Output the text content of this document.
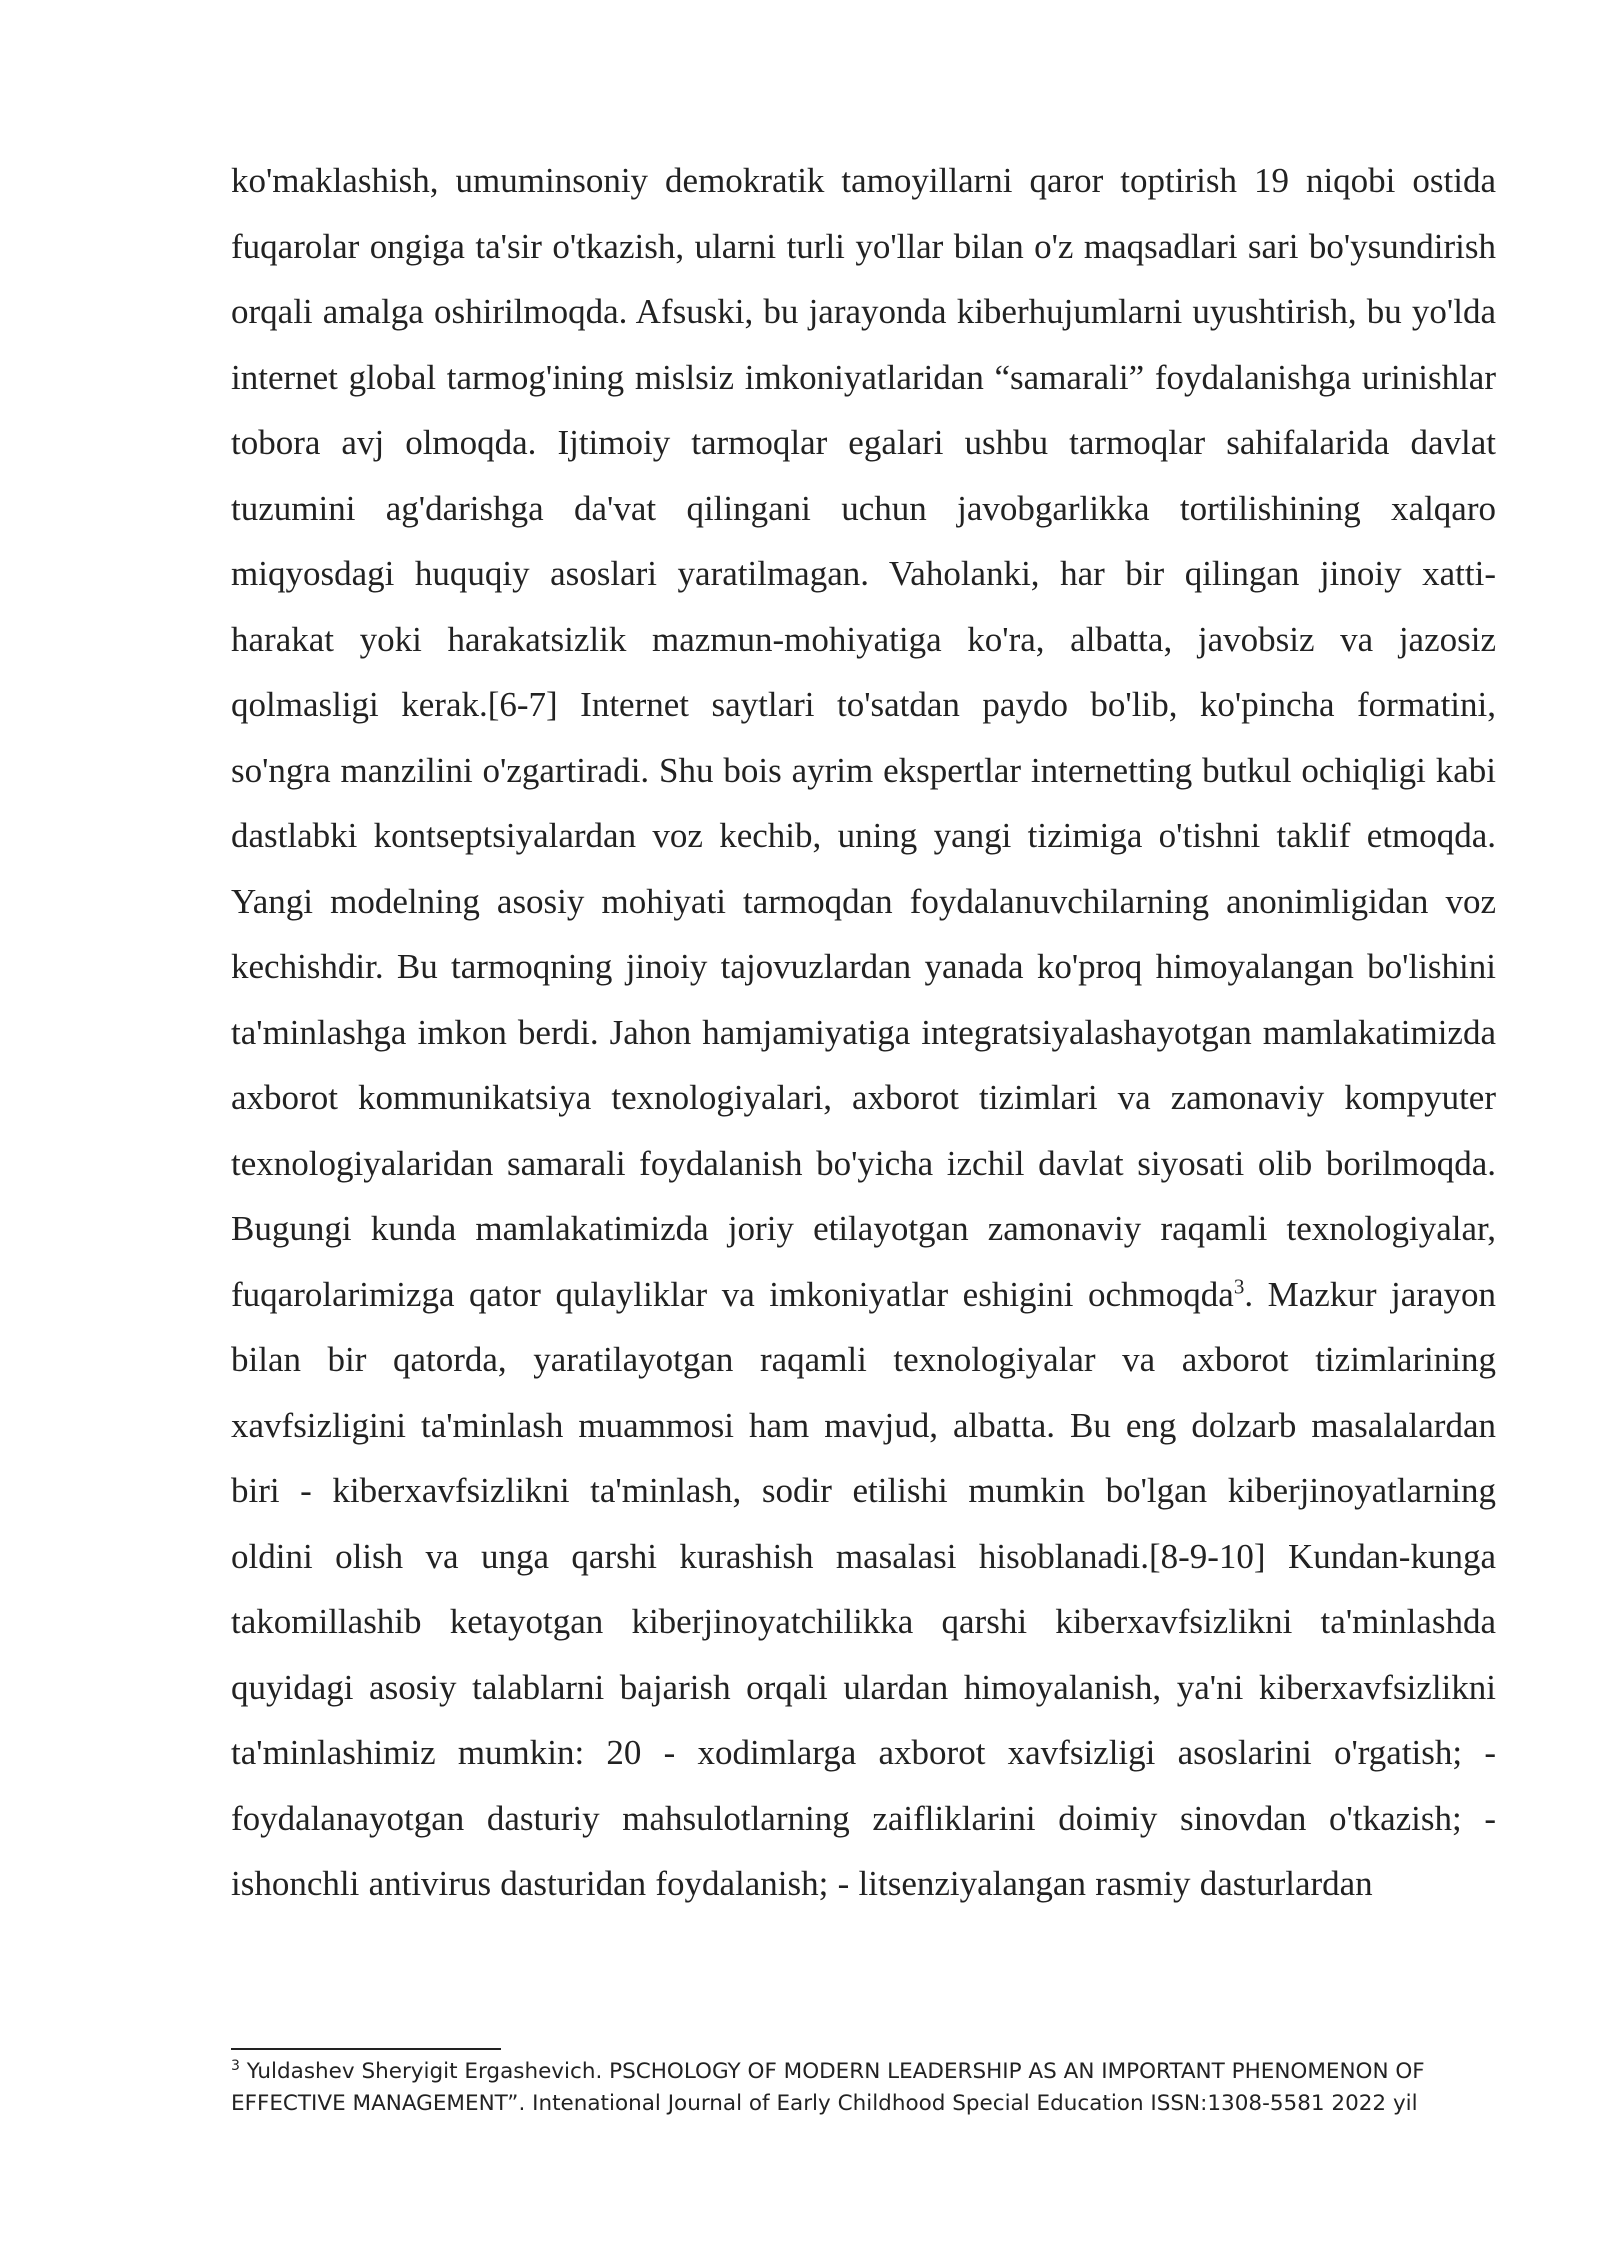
ko'maklashish, umuminsoniy demokratik tamoyillarni qaror toptirish 19 niqobi ostida fuqarolar ongiga ta'sir o'tkazish, ularni turli yo'llar bilan o'z maqsadlari sari bo'ysundirish orqali amalga oshirilmoqda. Afsuski, bu jarayonda kiberhujumlarni uyushtirish, bu yo'lda internet global tarmog'ining mislsiz imkoniyatlaridan “samarali” foydalanishga urinishlar tobora avj olmoqda. Ijtimoiy tarmoqlar egalari ushbu tarmoqlar sahifalarida davlat tuzumini ag'darishga da'vat qilingani uchun javobgarlikka tortilishining xalqaro miqyosdagi huquqiy asoslari yaratilmagan. Vaholanki, har bir qilingan jinoiy xatti-harakat yoki harakatsizlik mazmun-mohiyatiga ko'ra, albatta, javobsiz va jazosiz qolmasligi kerak.[6-7] Internet saytlari to'satdan paydo bo'lib, ko'pincha formatini, so'ngra manzilini o'zgartiradi. Shu bois ayrim ekspertlar internetting butkul ochiqligi kabi dastlabki kontseptsiyalardan voz kechib, uning yangi tizimiga o'tishni taklif etmoqda. Yangi modelning asosiy mohiyati tarmoqdan foydalanuvchilarning anonimligidan voz kechishdir. Bu tarmoqning jinoiy tajovuzlardan yanada ko'proq himoyalangan bo'lishini ta'minlashga imkon berdi. Jahon hamjamiyatiga integratsiyalashayotgan mamlakatimizda axborot kommunikatsiya texnologiyalari, axborot tizimlari va zamonaviy kompyuter texnologiyalaridan samarali foydalanish bo'yicha izchil davlat siyosati olib borilmoqda. Bugungi kunda mamlakatimizda joriy etilayotgan zamonaviy raqamli texnologiyalar, fuqarolarimizga qator qulayliklar va imkoniyatlar eshigini ochmoqda$^3$. Mazkur jarayon bilan bir qatorda, yaratilayotgan raqamli texnologiyalar va axborot tizimlarining xavfsizligini ta'minlash muammosi ham mavjud, albatta. Bu eng dolzarb masalalardan biri - kiberxavfsizlikni ta'minlash, sodir etilishi mumkin bo'lgan kiberjinoyatlarning oldini olish va unga qarshi kurashish masalasi hisoblanadi.[8-9-10] Kundan-kunga takomillashib ketayotgan kiberjinoyatchilikka qarshi kiberxavfsizlikni ta'minlashda quyidagi asosiy talablarni bajarish orqali ulardan himoyalanish, ya'ni kiberxavfsizlikni ta'minlashimiz mumkin: 20 - xodimlarga axborot xavfsizligi asoslarini o'rgatish; - foydalanayotgan dasturiy mahsulotlarning zaifliklarini doimiy sinovdan o'tkazish; - ishonchli antivirus dasturidan foydalanish; - litsenziyalangan rasmiy dasturlardan

$^3$ Yuldashev Sheryigit Ergashevich. PSCHOLOGY OF MODERN LEADERSHIP AS AN IMPORTANT PHENOMENON OF EFFECTIVE MANAGEMENT”. Intenational Journal of Early Childhood Special Education ISSN:1308-5581 2022 yil
